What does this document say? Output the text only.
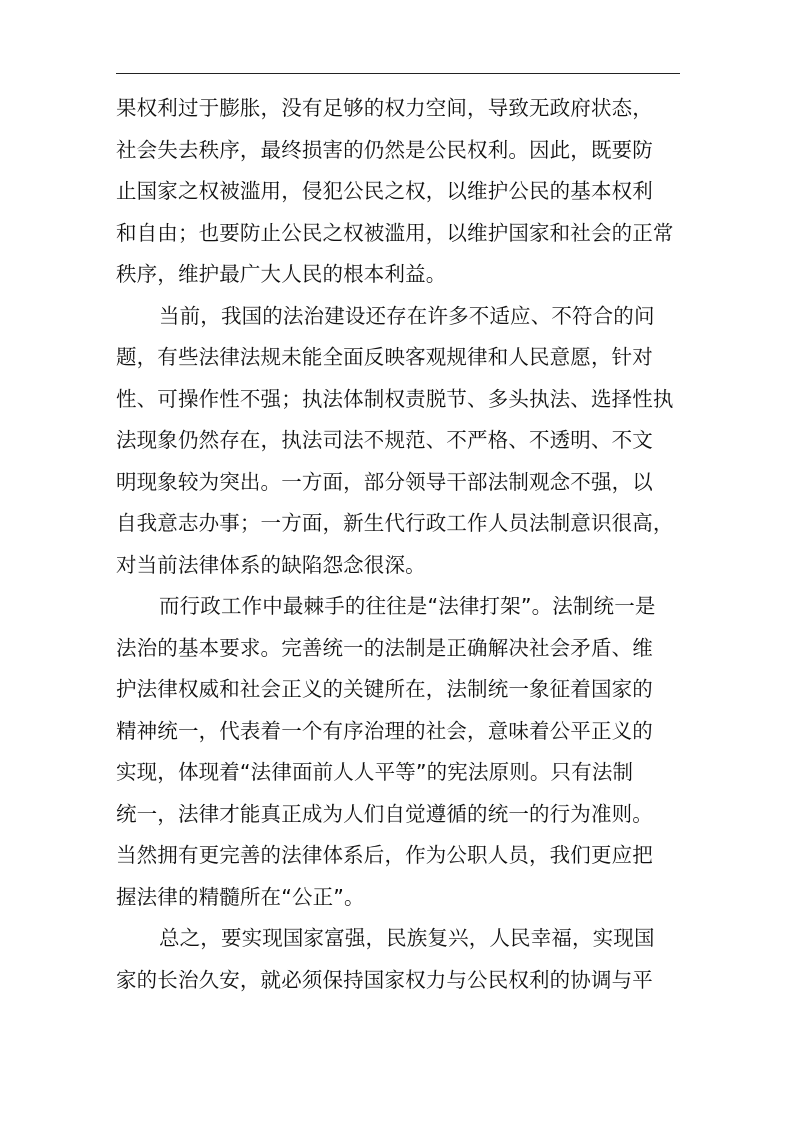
果权利过于膨胀，没有足够的权力空间，导致无政府状态，
社会失去秩序，最终损害的仍然是公民权利。因此，既要防
止国家之权被滥用，侵犯公民之权，以维护公民的基本权利
和自由；也要防止公民之权被滥用，以维护国家和社会的正常
秩序，维护最广大人民的根本利益。
当前，我国的法治建设还存在许多不适应、不符合的问
题，有些法律法规未能全面反映客观规律和人民意愿，针对
性、可操作性不强；执法体制权责脱节、多头执法、选择性执
法现象仍然存在，执法司法不规范、不严格、不透明、不文
明现象较为突出。一方面，部分领导干部法制观念不强，以
自我意志办事；一方面，新生代行政工作人员法制意识很高，
对当前法律体系的缺陷怨念很深。
而行政工作中最棘手的往往是“法律打架”。法制统一是
法治的基本要求。完善统一的法制是正确解决社会矛盾、维
护法律权威和社会正义的关键所在，法制统一象征着国家的
精神统一，代表着一个有序治理的社会，意味着公平正义的
实现，体现着“法律面前人人平等”的宪法原则。只有法制
统一，法律才能真正成为人们自觉遵循的统一的行为准则。
当然拥有更完善的法律体系后，作为公职人员，我们更应把
握法律的精髓所在“公正”。
总之，要实现国家富强，民族复兴，人民幸福，实现国
家的长治久安，就必须保持国家权力与公民权利的协调与平
